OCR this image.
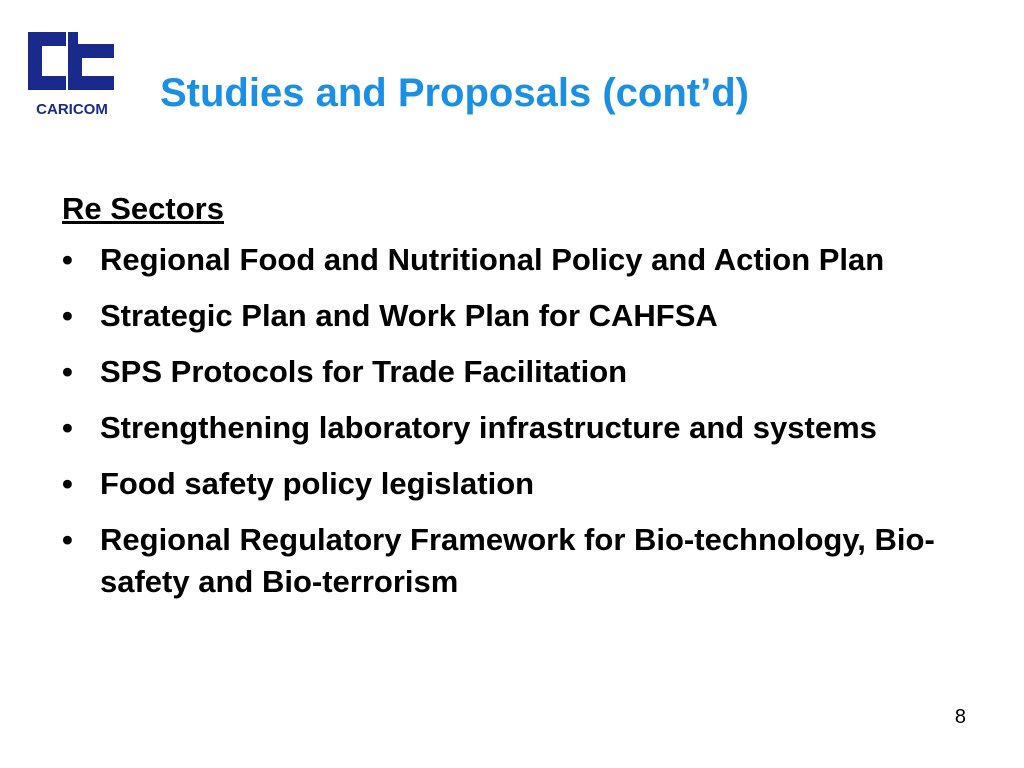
CARICOM Studies and Proposals (cont’d)
Re Sectors
• Regional Food and Nutritional Policy and Action Plan
• Strategic Plan and Work Plan for CAHFSA
• SPS Protocols for Trade Facilitation
• Strengthening laboratory infrastructure and systems
• Food safety policy legislation
• Regional Regulatory Framework for Bio-technology, Bio-safety and Bio-terrorism
8
